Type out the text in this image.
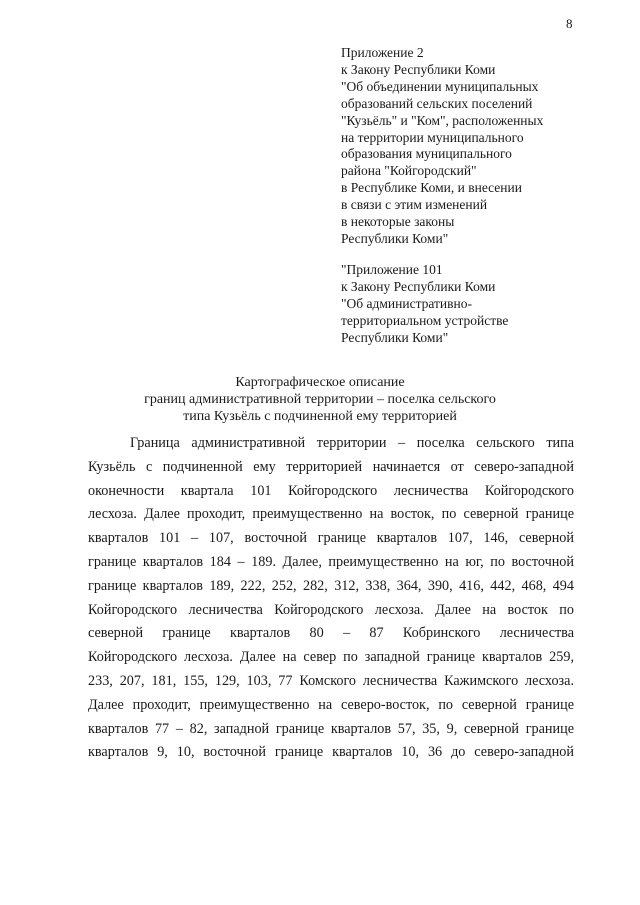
8
Приложение 2
к Закону Республики Коми
"Об объединении муниципальных
образований сельских поселений
"Кузьёль" и "Ком", расположенных
на территории муниципального
образования муниципального
района "Койгородский"
в Республике Коми, и внесении
в связи с этим изменений
в некоторые законы
Республики Коми"
"Приложение 101
к Закону Республики Коми
"Об административно-
территориальном устройстве
Республики Коми"
Картографическое описание
границ административной территории – поселка сельского
типа Кузьёль с подчиненной ему территорией
Граница административной территории – поселка сельского типа
Кузьёль с подчиненной ему территорией начинается от северо-западной
оконечности квартала 101 Койгородского лесничества Койгородского
лесхоза. Далее проходит, преимущественно на восток, по северной границе
кварталов 101 – 107, восточной границе кварталов 107, 146, северной
границе кварталов 184 – 189. Далее, преимущественно на юг, по восточной
границе кварталов 189, 222, 252, 282, 312, 338, 364, 390, 416, 442, 468, 494
Койгородского лесничества Койгородского лесхоза. Далее на восток по
северной границе кварталов 80 – 87 Кобринского лесничества
Койгородского лесхоза. Далее на север по западной границе кварталов 259,
233, 207, 181, 155, 129, 103, 77 Комского лесничества Кажимского лесхоза.
Далее проходит, преимущественно на северо-восток, по северной границе
кварталов 77 – 82, западной границе кварталов 57, 35, 9, северной границе
кварталов 9, 10, восточной границе кварталов 10, 36 до северо-западной
